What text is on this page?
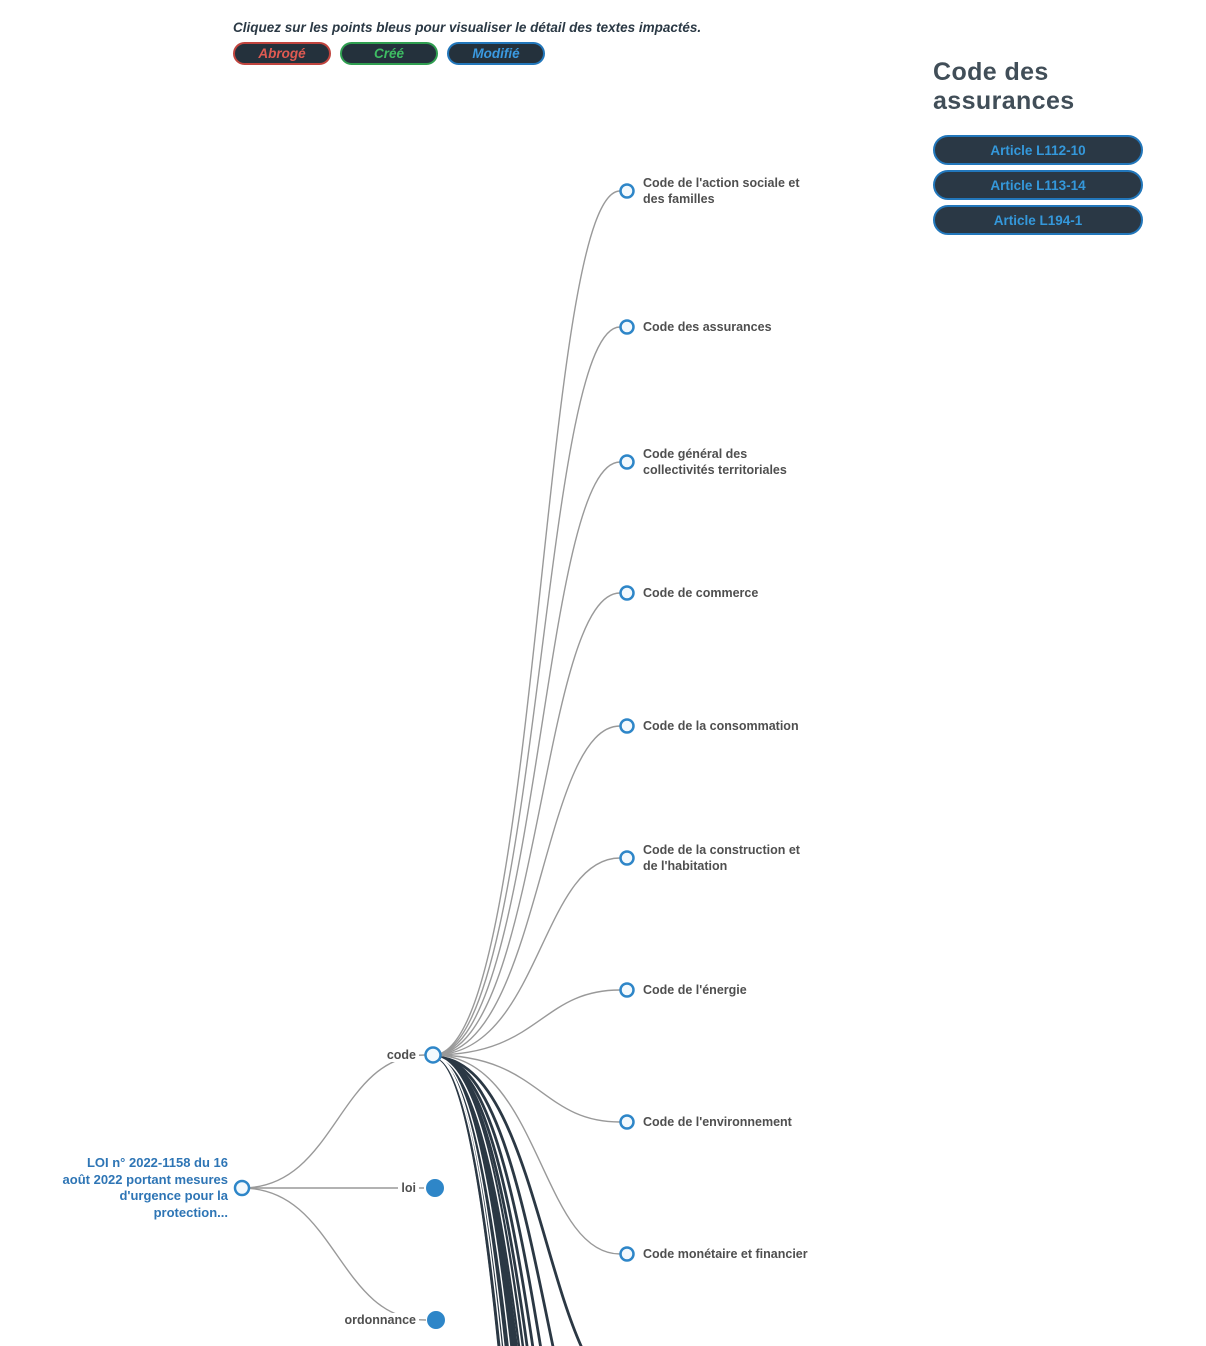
Cliquez sur les points bleus pour visualiser le détail des textes impactés.
Abrogé	Créé	Modifié
Code des assurances
Article L112-10
Article L113-14
Article L194-1
LOI n° 2022-1158 du 16 août 2022 portant mesures d'urgence pour la protection...
code
loi
ordonnance
Code de l'action sociale et des familles
Code des assurances
Code général des collectivités territoriales
Code de commerce
Code de la consommation
Code de la construction et de l'habitation
Code de l'énergie
Code de l'environnement
Code monétaire et financier
